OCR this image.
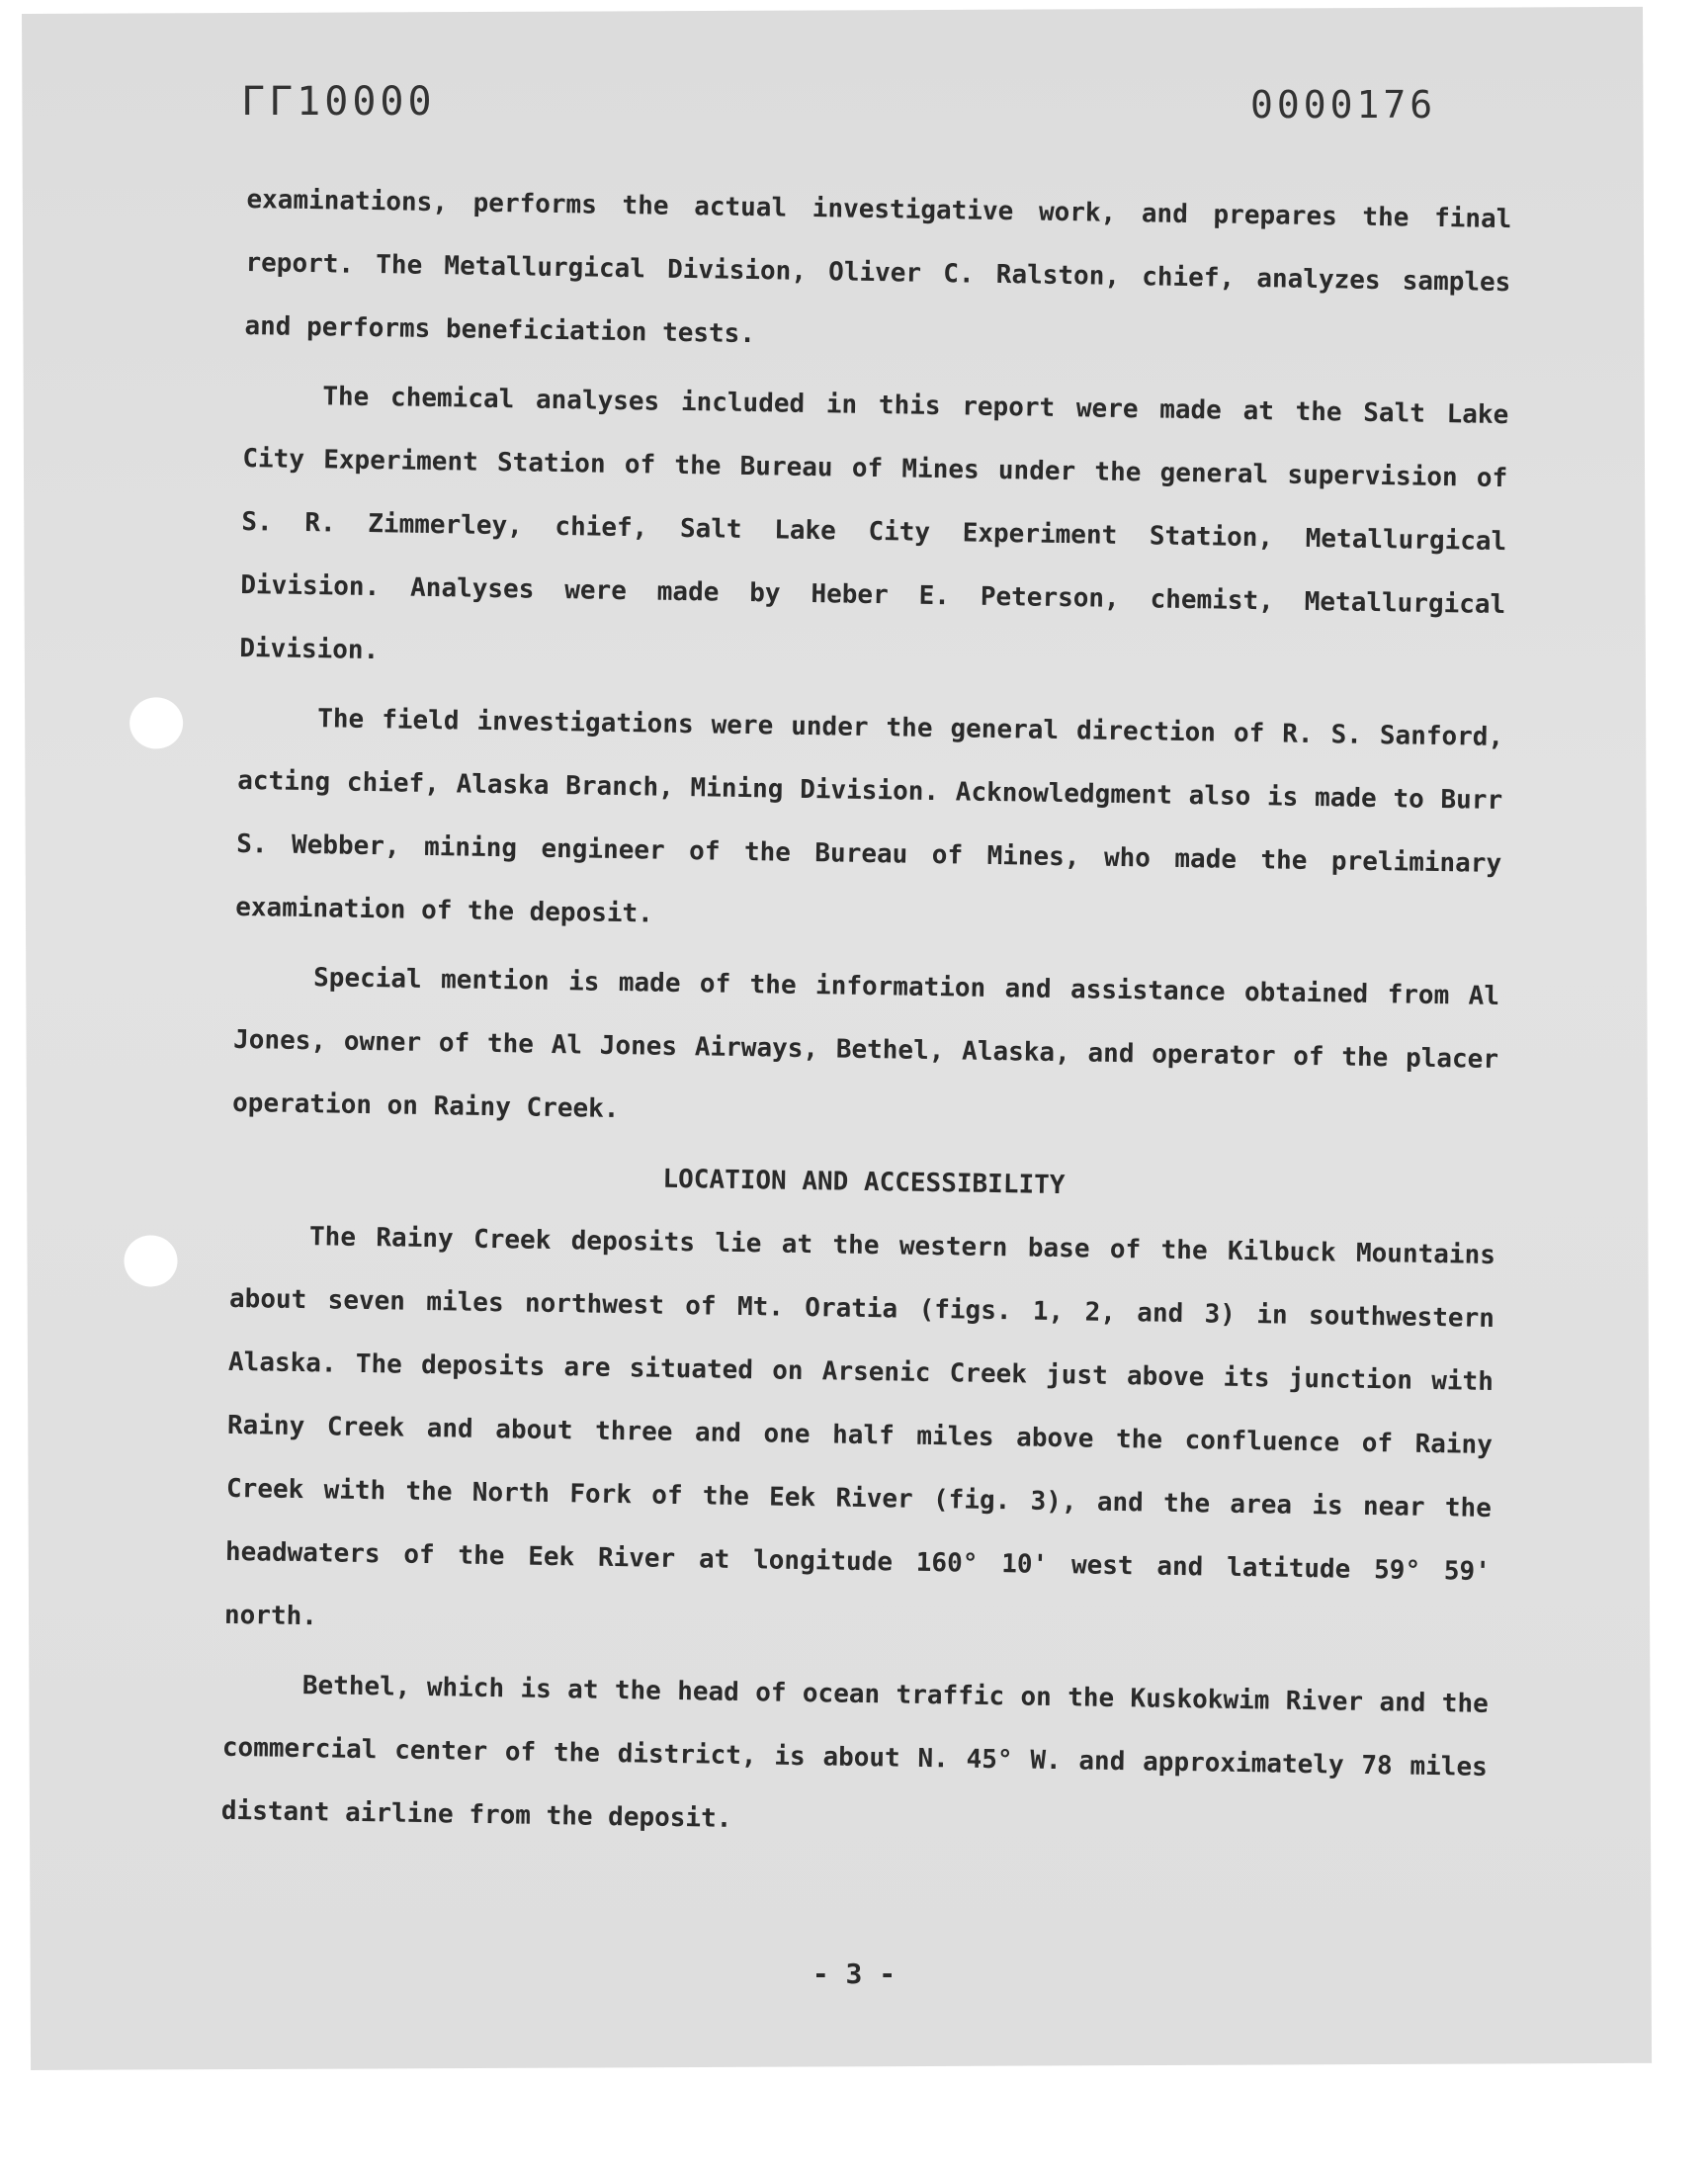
ΓΓ10000	0000176

examinations, performs the actual investigative work, and prepares the final report. The Metallurgical Division, Oliver C. Ralston, chief, analyzes samples and performs beneficiation tests.

The chemical analyses included in this report were made at the Salt Lake City Experiment Station of the Bureau of Mines under the general supervision of S. R. Zimmerley, chief, Salt Lake City Experiment Station, Metallurgical Division. Analyses were made by Heber E. Peterson, chemist, Metallurgical Division.

The field investigations were under the general direction of R. S. Sanford, acting chief, Alaska Branch, Mining Division. Acknowledgment also is made to Burr S. Webber, mining engineer of the Bureau of Mines, who made the preliminary examination of the deposit.

Special mention is made of the information and assistance obtained from Al Jones, owner of the Al Jones Airways, Bethel, Alaska, and operator of the placer operation on Rainy Creek.

LOCATION AND ACCESSIBILITY

The Rainy Creek deposits lie at the western base of the Kilbuck Mountains about seven miles northwest of Mt. Oratia (figs. 1, 2, and 3) in southwestern Alaska. The deposits are situated on Arsenic Creek just above its junction with Rainy Creek and about three and one half miles above the confluence of Rainy Creek with the North Fork of the Eek River (fig. 3), and the area is near the headwaters of the Eek River at longitude 160° 10' west and latitude 59° 59' north.

Bethel, which is at the head of ocean traffic on the Kuskokwim River and the commercial center of the district, is about N. 45° W. and approximately 78 miles distant airline from the deposit.

- 3 -
